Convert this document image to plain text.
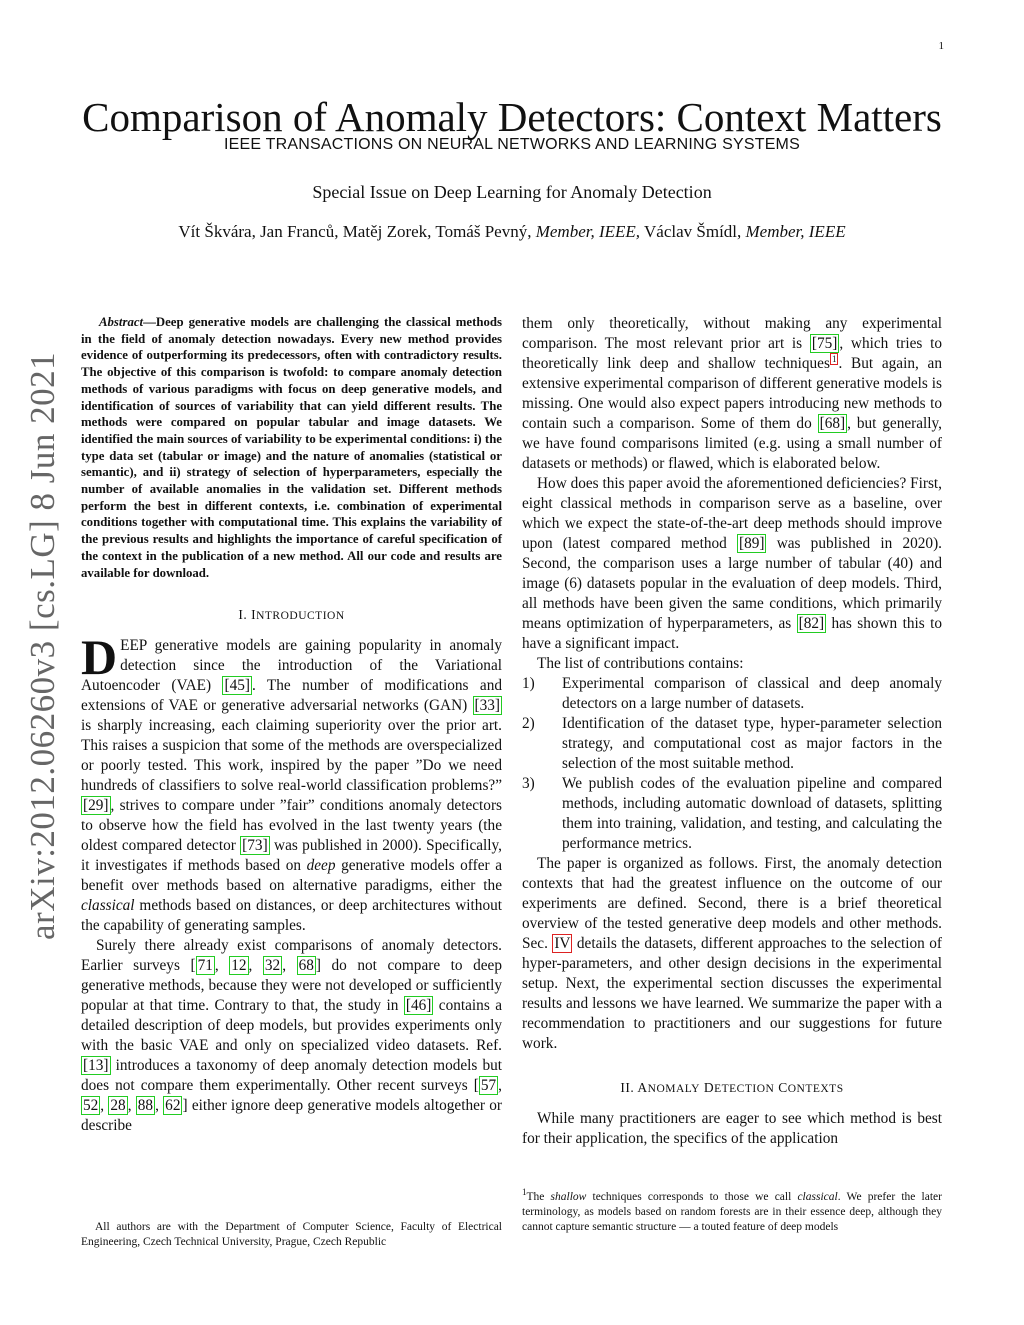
1
arXiv:2012.06260v3 [cs.LG] 8 Jun 2021
Comparison of Anomaly Detectors: Context Matters
IEEE TRANSACTIONS ON NEURAL NETWORKS AND LEARNING SYSTEMS
Special Issue on Deep Learning for Anomaly Detection
Vít Škvára, Jan Franců, Matěj Zorek, Tomáš Pevný, Member, IEEE, Václav Šmídl, Member, IEEE

Abstract—Deep generative models are challenging the classical methods in the field of anomaly detection nowadays. Every new method provides evidence of outperforming its predecessors, often with contradictory results. The objective of this comparison is twofold: to compare anomaly detection methods of various paradigms with focus on deep generative models, and identification of sources of variability that can yield different results. The methods were compared on popular tabular and image datasets. We identified the main sources of variability to be experimental conditions: i) the type data set (tabular or image) and the nature of anomalies (statistical or semantic), and ii) strategy of selection of hyperparameters, especially the number of available anomalies in the validation set. Different methods perform the best in different contexts, i.e. combination of experimental conditions together with computational time. This explains the variability of the previous results and highlights the importance of careful specification of the context in the publication of a new method. All our code and results are available for download.

I. INTRODUCTION

DEEP generative models are gaining popularity in anomaly detection since the introduction of the Variational Autoencoder (VAE) [45] . The number of modifications and extensions of VAE or generative adversarial networks (GAN) [33] is sharply increasing, each claiming superiority over the prior art. This raises a suspicion that some of the methods are overspecialized or poorly tested. This work, inspired by the paper ”Do we need hundreds of classifiers to solve real-world classification problems?” [29] , strives to compare under ”fair” conditions anomaly detectors to observe how the field has evolved in the last twenty years (the oldest compared detector [73] was published in 2000). Specifically, it investigates if methods based on deep generative models offer a benefit over methods based on alternative paradigms, either the classical methods based on distances, or deep architectures without the capability of generating samples.

Surely there already exist comparisons of anomaly detectors. Earlier surveys [ 71 , 12 , 32 , 68 ] do not compare to deep generative methods, because they were not developed or sufficiently popular at that time. Contrary to that, the study in [46] contains a detailed description of deep models, but provides experiments only with the basic VAE and only on specialized video datasets. Ref. [13] introduces a taxonomy of deep anomaly detection models but does not compare them experimentally. Other recent surveys [ 57 , 52 , 28 , 88 , 62 ] either ignore deep generative models altogether or describe

All authors are with the Department of Computer Science, Faculty of Electrical Engineering, Czech Technical University, Prague, Czech Republic

them only theoretically, without making any experimental comparison. The most relevant prior art is [75] , which tries to theoretically link deep and shallow techniques $^1$ . But again, an extensive experimental comparison of different generative models is missing. One would also expect papers introducing new methods to contain such a comparison. Some of them do [68] , but generally, we have found comparisons limited (e.g. using a small number of datasets or methods) or flawed, which is elaborated below.

How does this paper avoid the aforementioned deficiencies? First, eight classical methods in comparison serve as a baseline, over which we expect the state-of-the-art deep methods should improve upon (latest compared method [89] was published in 2020). Second, the comparison uses a large number of tabular (40) and image (6) datasets popular in the evaluation of deep models. Third, all methods have been given the same conditions, which primarily means optimization of hyperparameters, as [82] has shown this to have a significant impact.

The list of contributions contains:

1) Experimental comparison of classical and deep anomaly detectors on a large number of datasets.
2) Identification of the dataset type, hyper-parameter selection strategy, and computational cost as major factors in the selection of the most suitable method.
3) We publish codes of the evaluation pipeline and compared methods, including automatic download of datasets, splitting them into training, validation, and testing, and calculating the performance metrics.

The paper is organized as follows. First, the anomaly detection contexts that had the greatest influence on the outcome of our experiments are defined. Second, there is a brief theoretical overview of the tested generative deep models and other methods. Sec. IV details the datasets, different approaches to the selection of hyper-parameters, and other design decisions in the experimental setup. Next, the experimental section discusses the experimental results and lessons we have learned. We summarize the paper with a recommendation to practitioners and our suggestions for future work.

II. ANOMALY DETECTION CONTEXTS

While many practitioners are eager to see which method is best for their application, the specifics of the application

$^1$The shallow techniques corresponds to those we call classical. We prefer the later terminology, as models based on random forests are in their essence deep, although they cannot capture semantic structure — a touted feature of deep models
